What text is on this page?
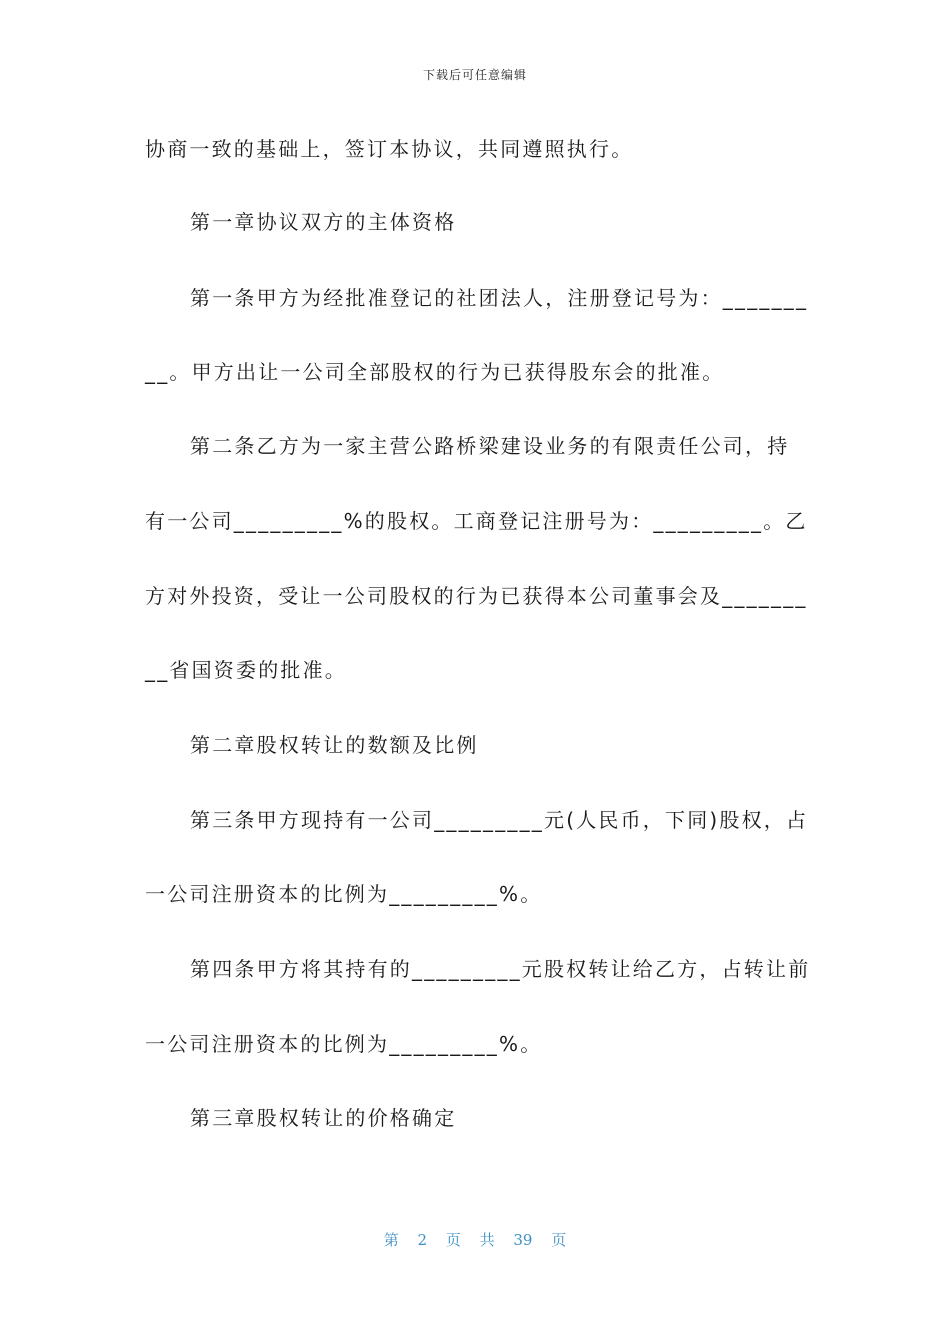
下载后可任意编辑
协商一致的基础上，签订本协议，共同遵照执行。
第一章协议双方的主体资格
第一条甲方为经批准登记的社团法人，注册登记号为：_______
__。甲方出让一公司全部股权的行为已获得股东会的批准。
第二条乙方为一家主营公路桥梁建设业务的有限责任公司，持
有一公司_________%的股权。工商登记注册号为：_________。乙
方对外投资，受让一公司股权的行为已获得本公司董事会及_______
__省国资委的批准。
第二章股权转让的数额及比例
第三条甲方现持有一公司_________元(人民币，下同)股权，占
一公司注册资本的比例为_________%。
第四条甲方将其持有的_________元股权转让给乙方，占转让前
一公司注册资本的比例为_________%。
第三章股权转让的价格确定
第 2 页 共 39 页
